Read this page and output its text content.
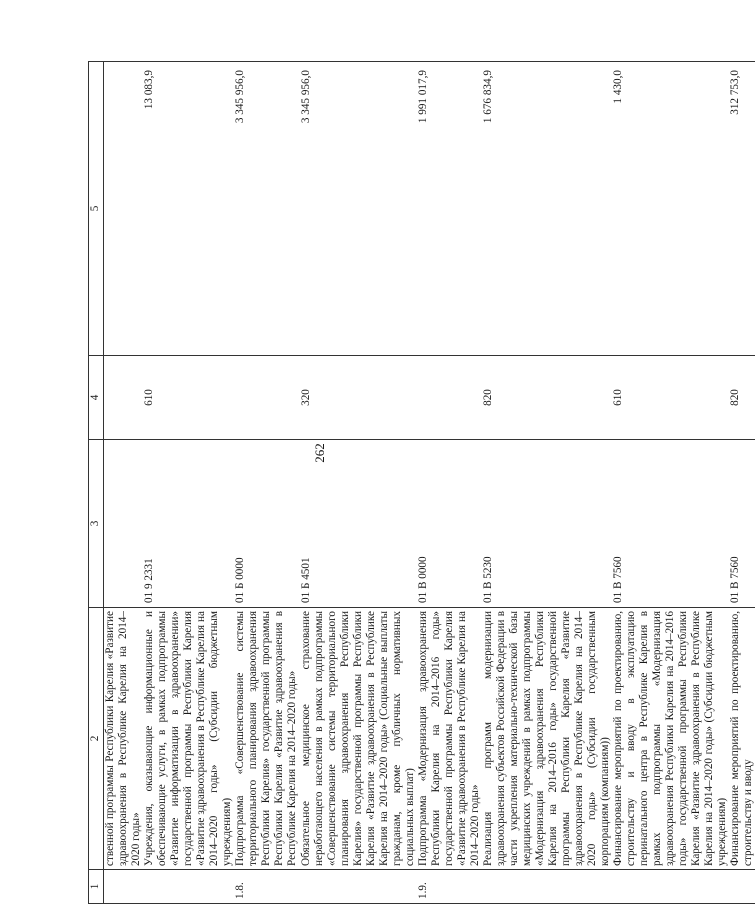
262
1	2	3	4	5
	ственной программы Республики Карелия «Развитие здравоохранения в Республике Карелия на 2014–2020 годы»			
	Учреждения, оказывающие информационные и обеспечивающие услуги, в рамках подпрограммы «Развитие информатизации в здравоохранении» государственной программы Республики Карелия «Развитие здравоохранения в Республике Карелия на 2014–2020 годы» (Субсидии бюджетным учреждениям)	01 9 2331	610	13 083,9
1.8.	Подпрограмма «Совершенствование системы территориального планирования здравоохранения Республики Карелия» государственной программы Республики Карелия «Развитие здравоохранения в Республике Карелия на 2014–2020 годы»	01 Б 0000		3 345 956,0
	Обязательное медицинское страхование неработающего населения в рамках подпрограммы «Совершенствование системы территориального планирования здравоохранения Республики Карелия» государственной программы Республики Карелия «Развитие здравоохранения в Республике Карелия на 2014–2020 годы» (Социальные выплаты гражданам, кроме публичных нормативных социальных выплат)	01 Б 4501	320	3 345 956,0
1.9.	Подпрограмма «Модернизация здравоохранения Республики Карелия на 2014–2016 годы» государственной программы Республики Карелия «Развитие здравоохранения в Республике Карелия на 2014–2020 годы»	01 В 0000		1 991 017,9
	Реализация программ модернизации здравоохранения субъектов Российской Федерации в части укрепления материально-технической базы медицинских учреждений в рамках подпрограммы «Модернизация здравоохранения Республики Карелия на 2014–2016 годы» государственной программы Республики Карелия «Развитие здравоохранения в Республике Карелия на 2014–2020 годы» (Субсидии государственным корпорациям (компаниям))	01 В 5230	820	1 676 834,9
	Финансирование мероприятий по проектированию, строительству и вводу в эксплуатацию перинатального центра в Республике Карелия в рамках подпрограммы «Модернизация здравоохранения Республики Карелия на 2014–2016 годы» государственной программы Республики Карелия «Развитие здравоохранения в Республике Карелия на 2014–2020 годы» (Субсидии бюджетным учреждениям)	01 В 7560	610	1 430,0
	Финансирование мероприятий по проектированию, строительству и вводу	01 В 7560	820	312 753,0
